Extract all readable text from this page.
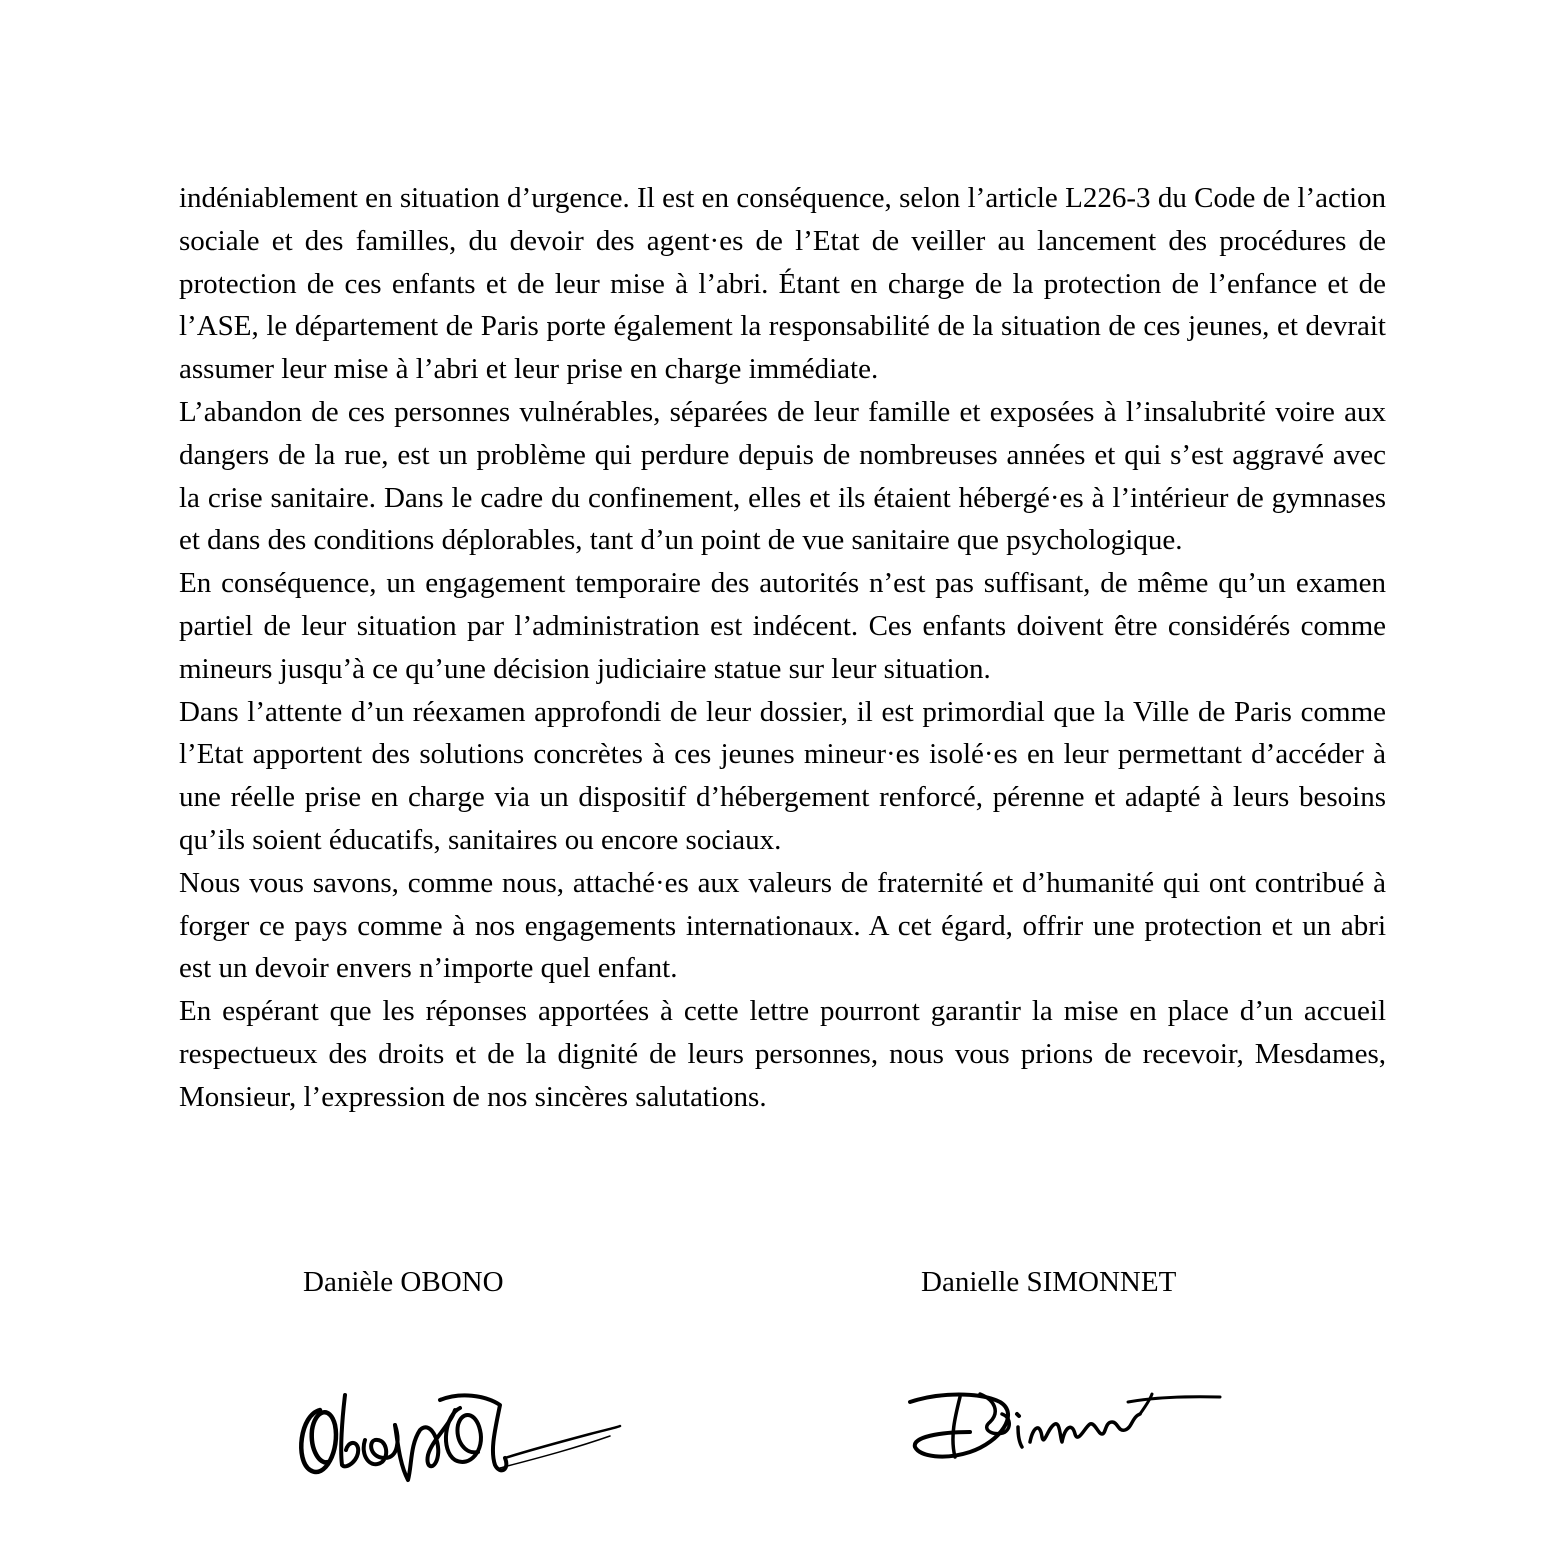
indéniablement en situation d’urgence. Il est en conséquence, selon l’article L226-3 du Code de l’action sociale et des familles, du devoir des agent·es de l’Etat de veiller au lancement des procédures de protection de ces enfants et de leur mise à l’abri. Étant en charge de la protection de l’enfance et de l’ASE, le département de Paris porte également la responsabilité de la situation de ces jeunes, et devrait assumer leur mise à l’abri et leur prise en charge immédiate.

L’abandon de ces personnes vulnérables, séparées de leur famille et exposées à l’insalubrité voire aux dangers de la rue, est un problème qui perdure depuis de nombreuses années et qui s’est aggravé avec la crise sanitaire. Dans le cadre du confinement, elles et ils étaient hébergé·es à l’intérieur de gymnases et dans des conditions déplorables, tant d’un point de vue sanitaire que psychologique.

En conséquence, un engagement temporaire des autorités n’est pas suffisant, de même qu’un examen partiel de leur situation par l’administration est indécent. Ces enfants doivent être considérés comme mineurs jusqu’à ce qu’une décision judiciaire statue sur leur situation.

Dans l’attente d’un réexamen approfondi de leur dossier, il est primordial que la Ville de Paris comme l’Etat apportent des solutions concrètes à ces jeunes mineur·es isolé·es en leur permettant d’accéder à une réelle prise en charge via un dispositif d’hébergement renforcé, pérenne et adapté à leurs besoins qu’ils soient éducatifs, sanitaires ou encore sociaux.

Nous vous savons, comme nous, attaché·es aux valeurs de fraternité et d’humanité qui ont contribué à forger ce pays comme à nos engagements internationaux. A cet égard, offrir une protection et un abri est un devoir envers n’importe quel enfant.

En espérant que les réponses apportées à cette lettre pourront garantir la mise en place d’un accueil respectueux des droits et de la dignité de leurs personnes, nous vous prions de recevoir, Mesdames, Monsieur, l’expression de nos sincères salutations.

Danièle OBONO	Danielle SIMONNET
